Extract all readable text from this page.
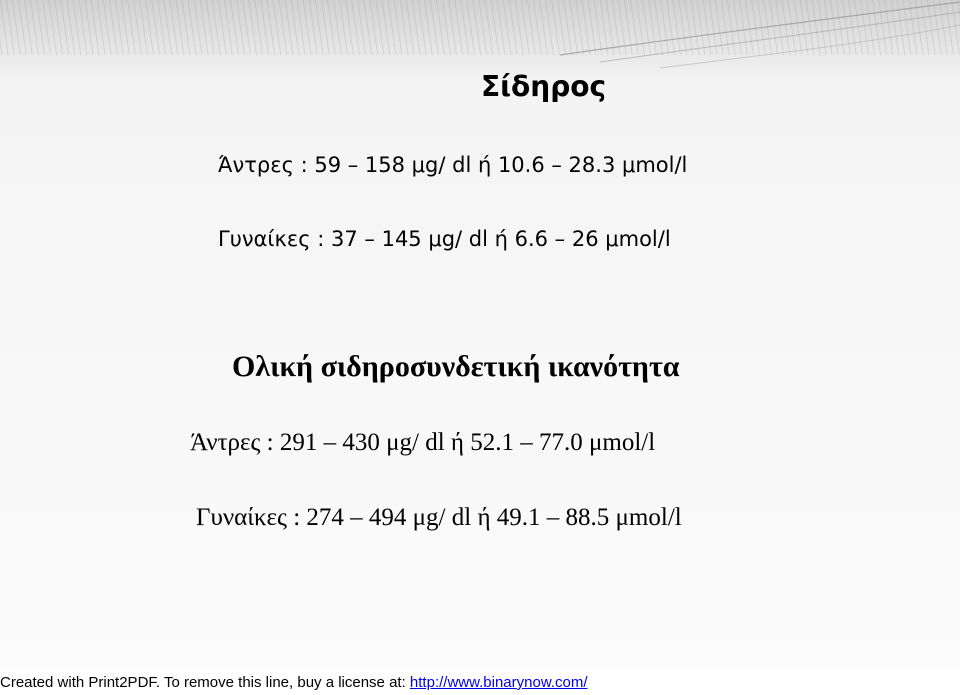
Σίδηρος
Άντρες : 59 – 158 μg/ dl ή 10.6 – 28.3 μmol/l
Γυναίκες : 37 – 145 μg/ dl ή 6.6 – 26 μmol/l
Ολική σιδηροσυνδετική ικανότητα
Άντρες : 291 – 430 μg/ dl ή 52.1 – 77.0 μmol/l
Γυναίκες : 274 – 494 μg/ dl ή 49.1 – 88.5 μmol/l
Created with Print2PDF. To remove this line, buy a license at: http://www.binarynow.com/
